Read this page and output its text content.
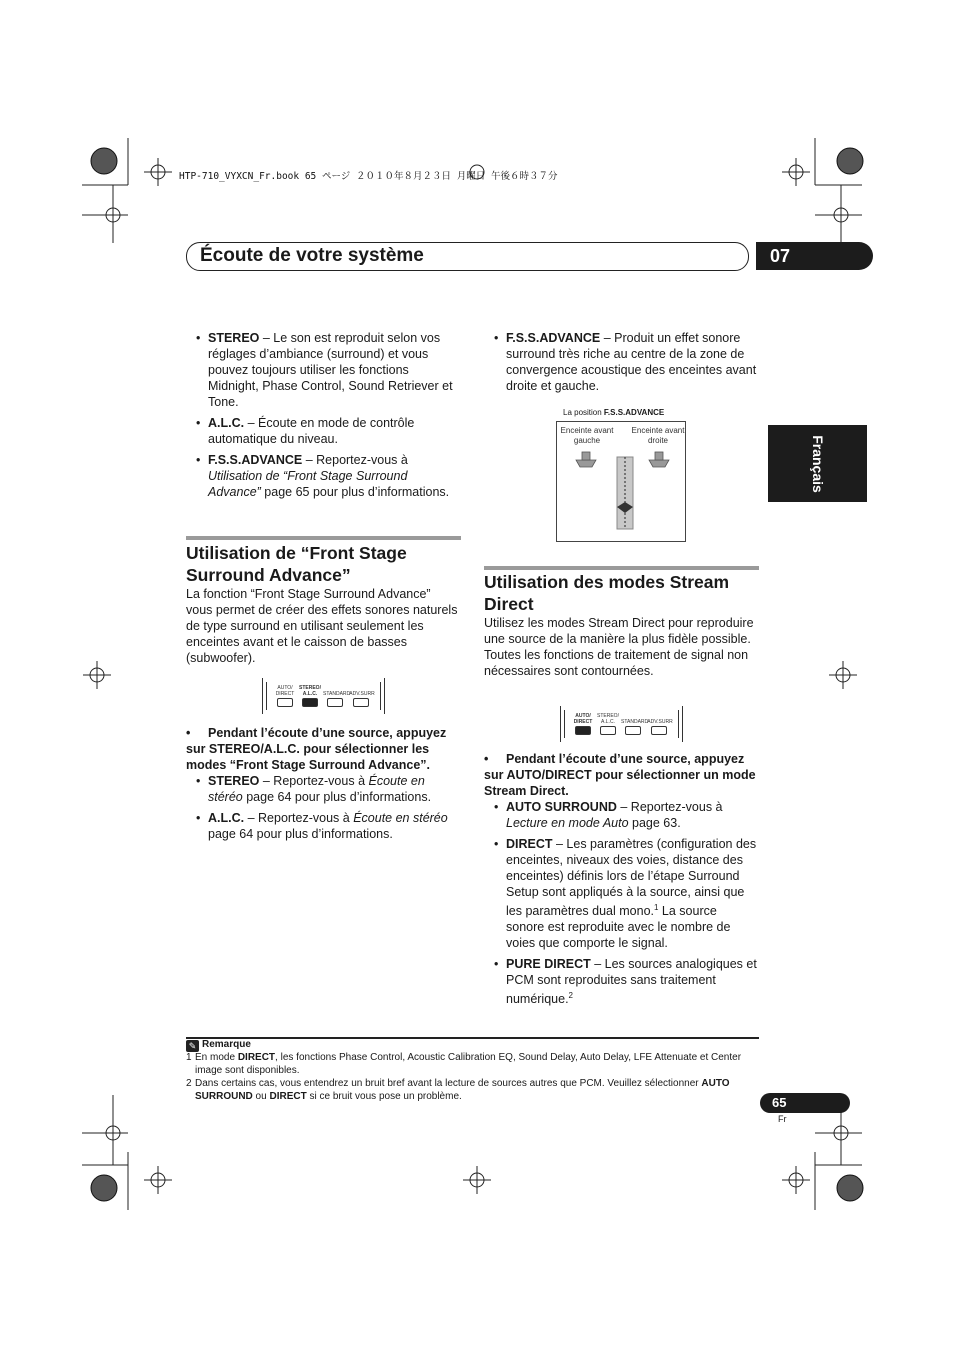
HTP-710_VYXCN_Fr.book 65 ページ ２０１０年８月２３日 月曜日 午後６時３７分
Écoute de votre système	07
Français
• STEREO – Le son est reproduit selon vos réglages d’ambiance (surround) et vous pouvez toujours utiliser les fonctions Midnight, Phase Control, Sound Retriever et Tone.
• A.L.C. – Écoute en mode de contrôle automatique du niveau.
• F.S.S.ADVANCE – Reportez-vous à Utilisation de “Front Stage Surround Advance” page 65 pour plus d’informations.
Utilisation de “Front Stage Surround Advance”
La fonction “Front Stage Surround Advance” vous permet de créer des effets sonores naturels de type surround en utilisant seulement les enceintes avant et le caisson de basses (subwoofer).
AUTO/ DIRECT
STEREO/ A.L.C.	STANDARD ADV.SURR
• Pendant l’écoute d’une source, appuyez sur STEREO/A.L.C. pour sélectionner les modes “Front Stage Surround Advance”.
• STEREO – Reportez-vous à Écoute en stéréo page 64 pour plus d’informations.
• A.L.C. – Reportez-vous à Écoute en stéréo page 64 pour plus d’informations.
• F.S.S.ADVANCE – Produit un effet sonore surround très riche au centre de la zone de convergence acoustique des enceintes avant droite et gauche.
La position F.S.S.ADVANCE
Enceinte avant gauche
Enceinte avant droite
Utilisation des modes Stream Direct
Utilisez les modes Stream Direct pour reproduire une source de la manière la plus fidèle possible. Toutes les fonctions de traitement de signal non nécessaires sont contournées.
AUTO/ DIRECT
STEREO/ A.L.C.	STANDARD ADV.SURR
• Pendant l’écoute d’une source, appuyez sur AUTO/DIRECT pour sélectionner un mode Stream Direct.
• AUTO SURROUND – Reportez-vous à Lecture en mode Auto page 63.
• DIRECT – Les paramètres (configuration des enceintes, niveaux des voies, distance des enceintes) définis lors de l’étape Surround Setup sont appliqués à la source, ainsi que les paramètres dual mono.$^1$ La source sonore est reproduite avec le nombre de voies que comporte le signal.
• PURE DIRECT – Les sources analogiques et PCM sont reproduites sans traitement numérique.$^2$
✎ Remarque
1 En mode DIRECT, les fonctions Phase Control, Acoustic Calibration EQ, Sound Delay, Auto Delay, LFE Attenuate et Center image sont disponibles.
2 Dans certains cas, vous entendrez un bruit bref avant la lecture de sources autres que PCM. Veuillez sélectionner AUTO SURROUND ou DIRECT si ce bruit vous pose un problème.	65
Fr
